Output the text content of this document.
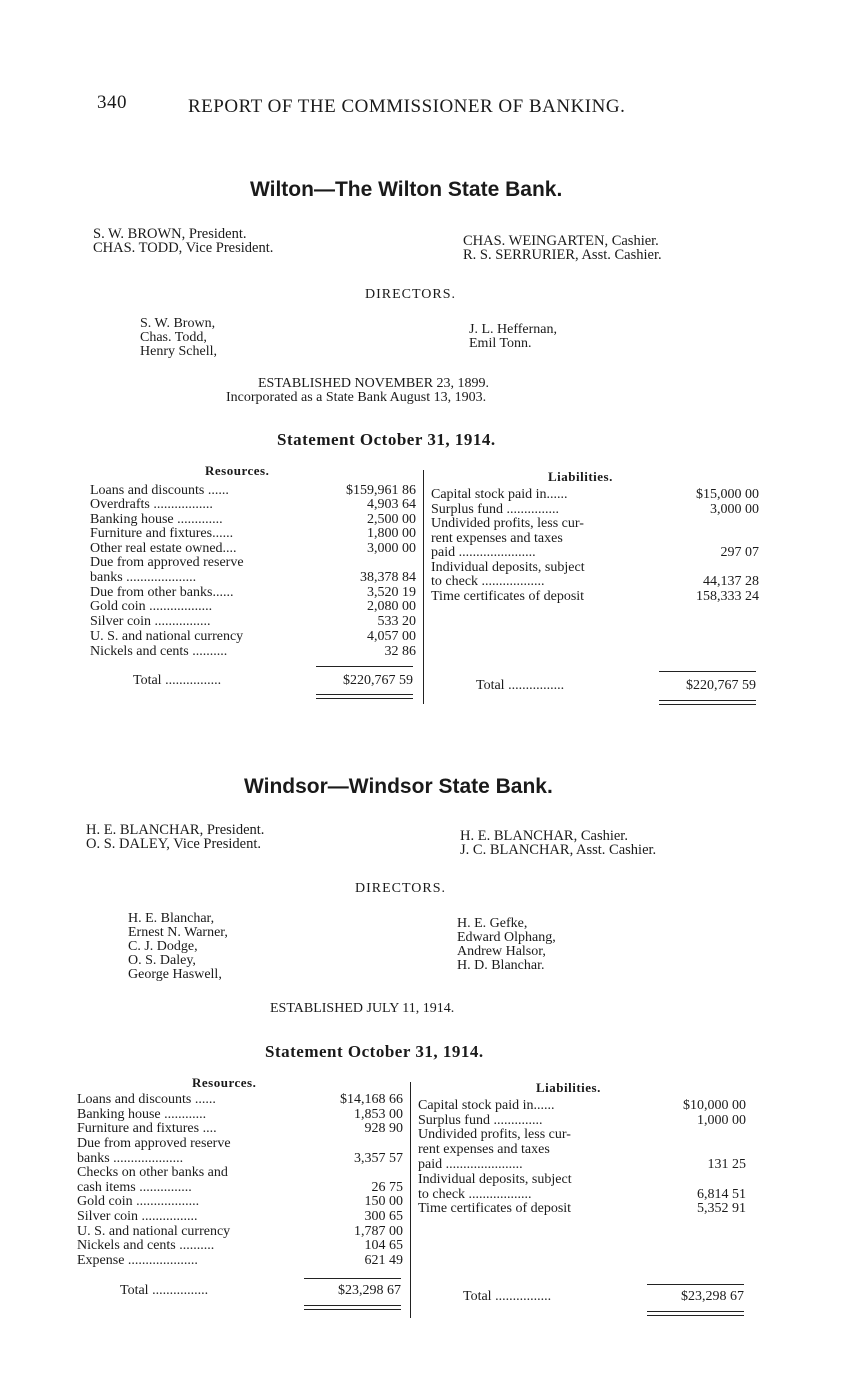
340	REPORT OF THE COMMISSIONER OF BANKING.
Wilton—The Wilton State Bank.
S. W. BROWN, President.
CHAS. TODD, Vice President.	CHAS. WEINGARTEN, Cashier.
R. S. SERRURIER, Asst. Cashier.
DIRECTORS.
S. W. Brown,
Chas. Todd,
Henry Schell,
J. L. Heffernan,
Emil Tonn.
ESTABLISHED NOVEMBER 23, 1899.
Incorporated as a State Bank August 13, 1903.
Statement October 31, 1914.
Resources.	Liabilities.
Loans and discounts ......	$159,961 86
Overdrafts .................	4,903 64
Banking house .............	2,500 00
Furniture and fixtures......	1,800 00
Other real estate owned....	3,000 00
Due from approved reserve
banks ....................	38,378 84
Due from other banks......	3,520 19
Gold coin ..................	2,080 00
Silver coin ................	533 20
U. S. and national currency	4,057 00
Nickels and cents ..........	32 86
Total ................	$220,767 59
Capital stock paid in......	$15,000 00
Surplus fund ...............	3,000 00
Undivided profits, less cur-
rent expenses and taxes
paid ......................	297 07
Individual deposits, subject
to check ..................	44,137 28
Time certificates of deposit	158,333 24
Total ................	$220,767 59
Windsor—Windsor State Bank.
H. E. BLANCHAR, President.
O. S. DALEY, Vice President.	H. E. BLANCHAR, Cashier.
J. C. BLANCHAR, Asst. Cashier.
DIRECTORS.
H. E. Blanchar,
Ernest N. Warner,
C. J. Dodge,
O. S. Daley,
George Haswell,
H. E. Gefke,
Edward Olphang,
Andrew Halsor,
H. D. Blanchar.
ESTABLISHED JULY 11, 1914.
Statement October 31, 1914.
Resources.	Liabilities.
Loans and discounts ......	$14,168 66
Banking house ............	1,853 00
Furniture and fixtures ....	928 90
Due from approved reserve
banks ....................	3,357 57
Checks on other banks and
cash items ...............	26 75
Gold coin ..................	150 00
Silver coin ................	300 65
U. S. and national currency	1,787 00
Nickels and cents ..........	104 65
Expense ....................	621 49
Total ................	$23,298 67
Capital stock paid in......	$10,000 00
Surplus fund ..............	1,000 00
Undivided profits, less cur-
rent expenses and taxes
paid ......................	131 25
Individual deposits, subject
to check ..................	6,814 51
Time certificates of deposit	5,352 91
Total ................	$23,298 67
